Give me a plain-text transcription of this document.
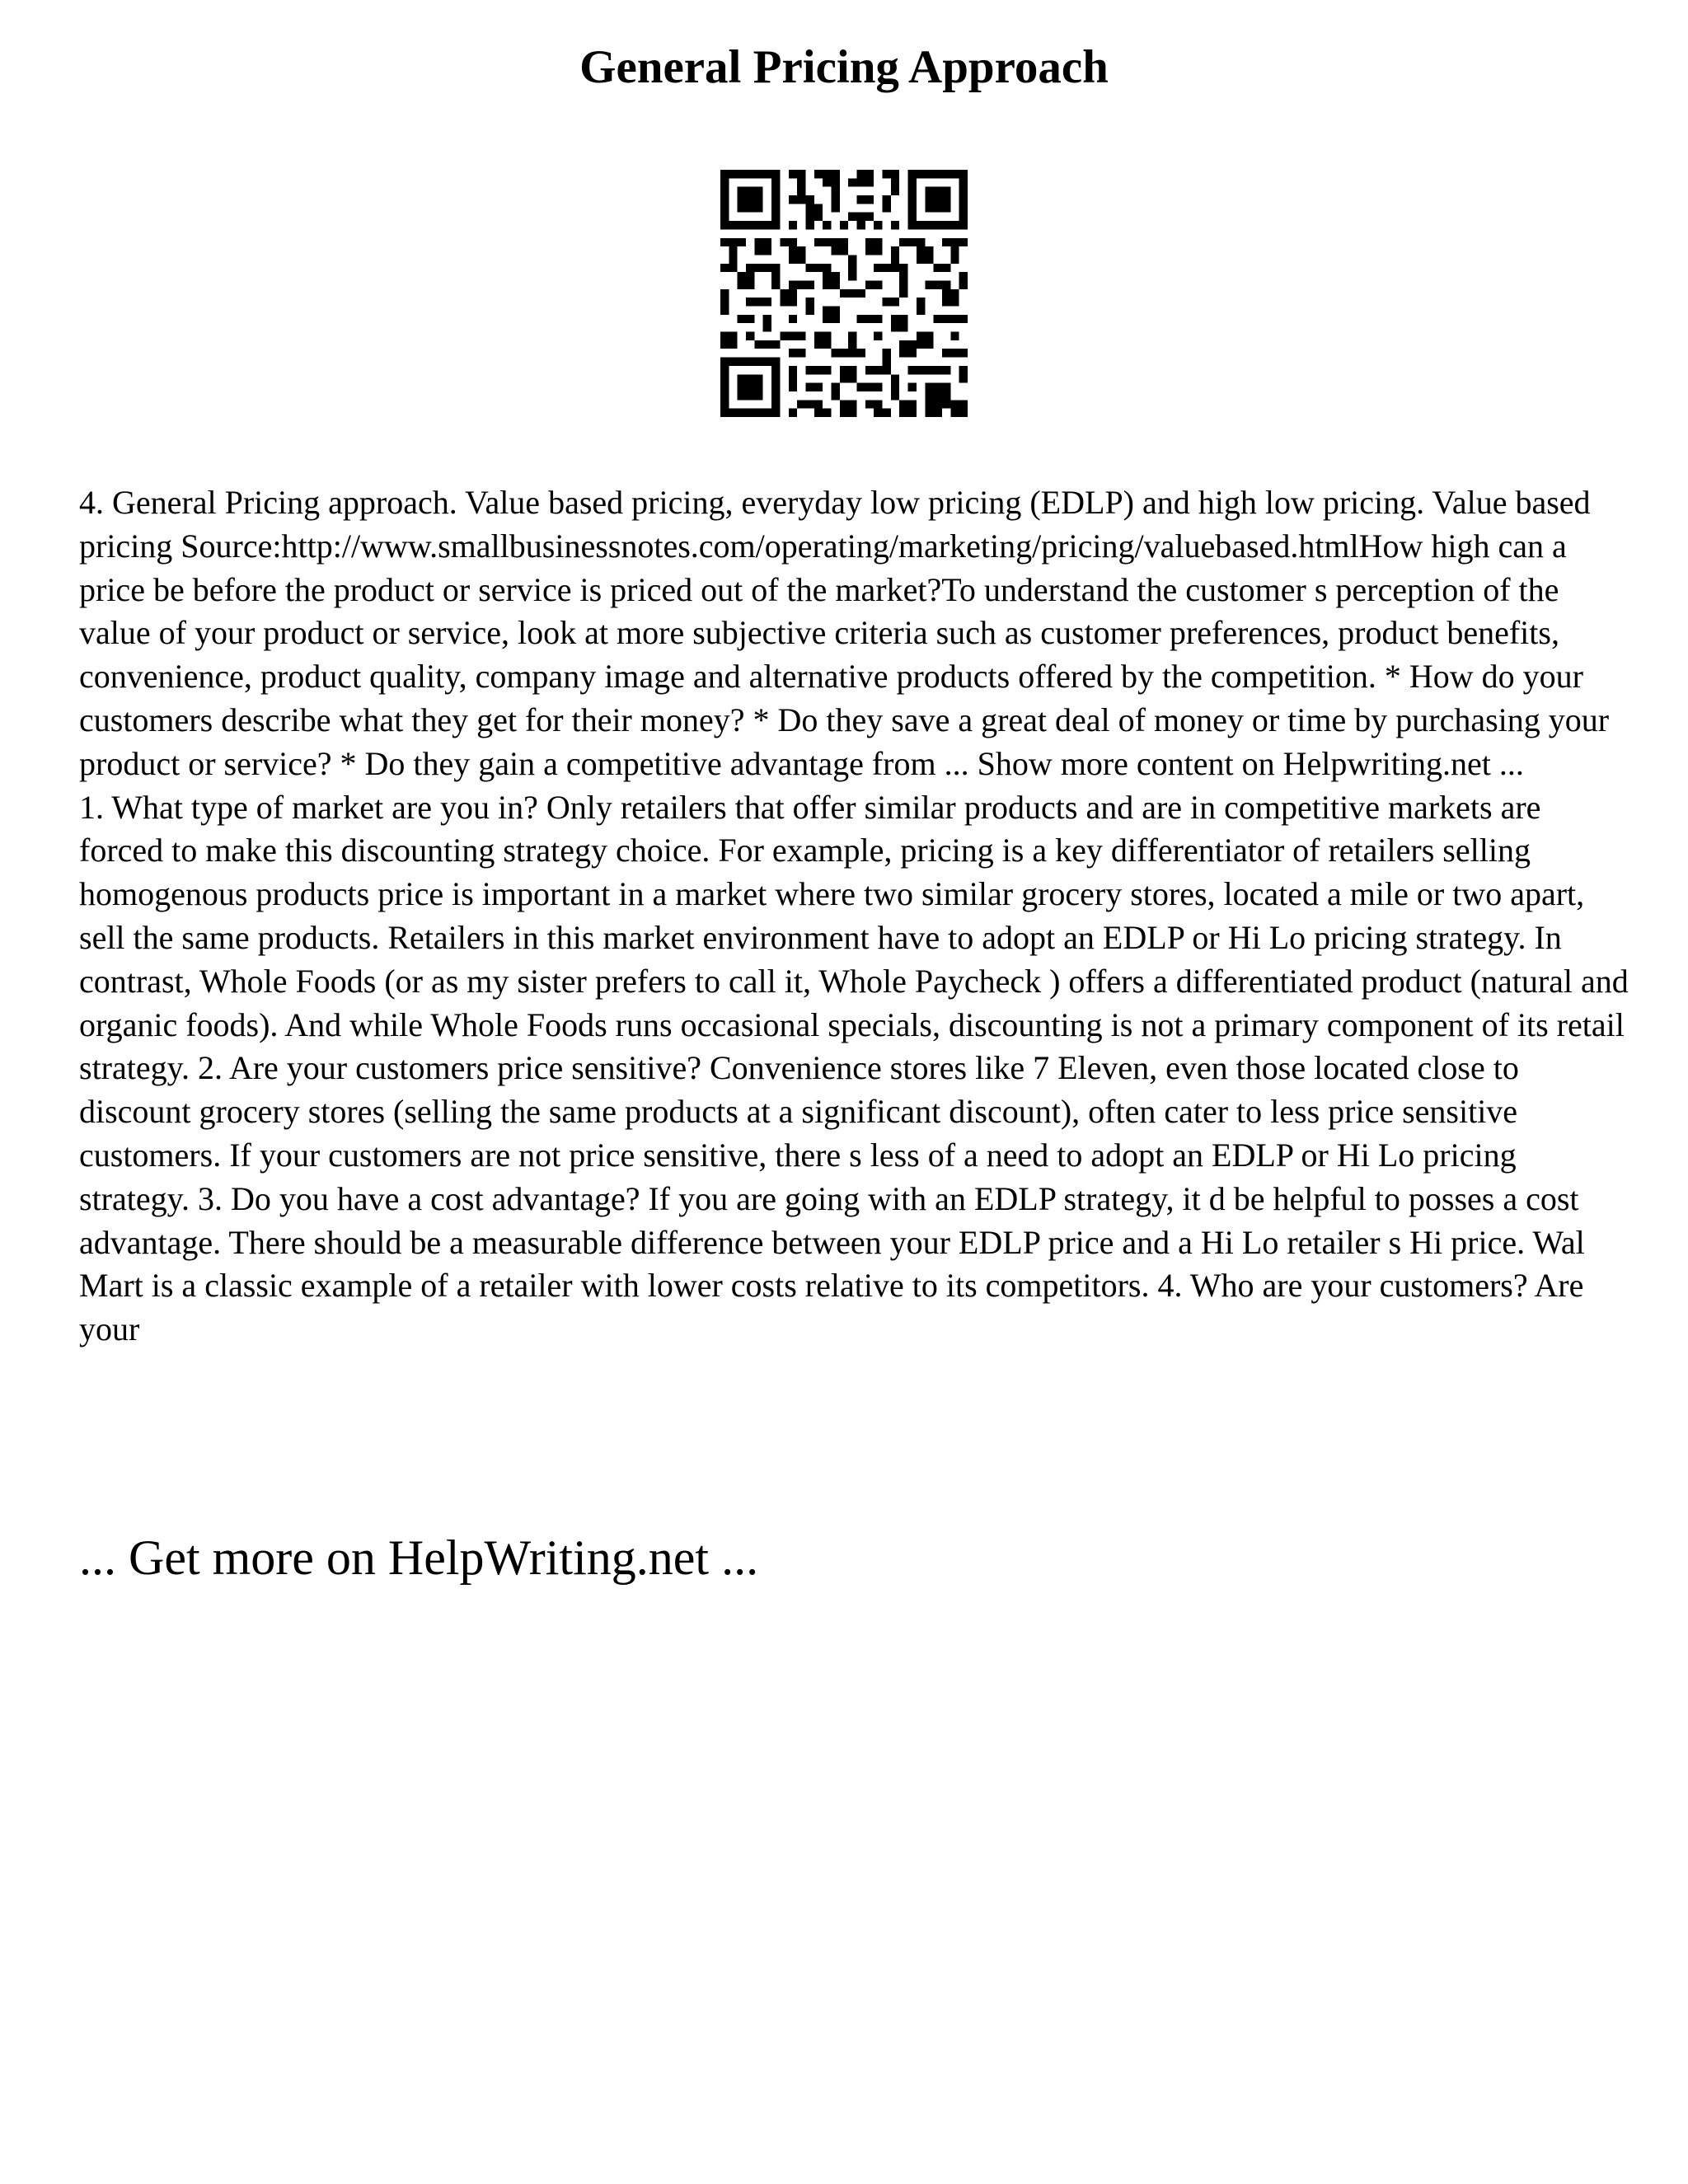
General Pricing Approach

4. General Pricing approach. Value based pricing, everyday low pricing (EDLP) and high low pricing. Value based pricing Source:http://www.smallbusinessnotes.com/operating/marketing/pricing/valuebased.htmlHow high can a price be before the product or service is priced out of the market?To understand the customer s perception of the value of your product or service, look at more subjective criteria such as customer preferences, product benefits, convenience, product quality, company image and alternative products offered by the competition. * How do your customers describe what they get for their money? * Do they save a great deal of money or time by purchasing your product or service? * Do they gain a competitive advantage from ... Show more content on Helpwriting.net ...

1. What type of market are you in? Only retailers that offer similar products and are in competitive markets are forced to make this discounting strategy choice. For example, pricing is a key differentiator of retailers selling homogenous products price is important in a market where two similar grocery stores, located a mile or two apart, sell the same products. Retailers in this market environment have to adopt an EDLP or Hi Lo pricing strategy. In contrast, Whole Foods (or as my sister prefers to call it, Whole Paycheck ) offers a differentiated product (natural and organic foods). And while Whole Foods runs occasional specials, discounting is not a primary component of its retail strategy. 2. Are your customers price sensitive? Convenience stores like 7 Eleven, even those located close to discount grocery stores (selling the same products at a significant discount), often cater to less price sensitive customers. If your customers are not price sensitive, there s less of a need to adopt an EDLP or Hi Lo pricing strategy. 3. Do you have a cost advantage? If you are going with an EDLP strategy, it d be helpful to posses a cost advantage. There should be a measurable difference between your EDLP price and a Hi Lo retailer s Hi price. Wal Mart is a classic example of a retailer with lower costs relative to its competitors. 4. Who are your customers? Are your

... Get more on HelpWriting.net ...
